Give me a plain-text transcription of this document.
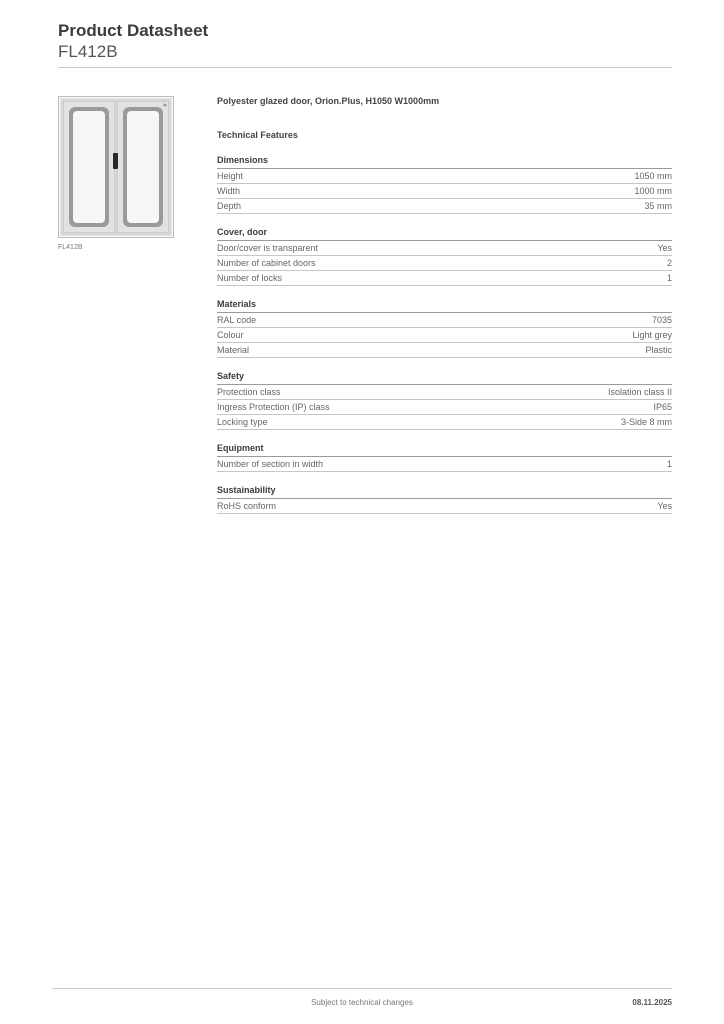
Product Datasheet
FL412B
FL412B
Polyester glazed door, Orion.Plus, H1050 W1000mm
Technical Features
Dimensions
Height	1050 mm
Width	1000 mm
Depth	35 mm
Cover, door
Door/cover is transparent	Yes
Number of cabinet doors	2
Number of locks	1
Materials
RAL code	7035
Colour	Light grey
Material	Plastic
Safety
Protection class	Isolation class II
Ingress Protection (IP) class	IP65
Locking type	3-Side 8 mm
Equipment
Number of section in width	1
Sustainability
RoHS conform	Yes
Subject to technical changes	08.11.2025
